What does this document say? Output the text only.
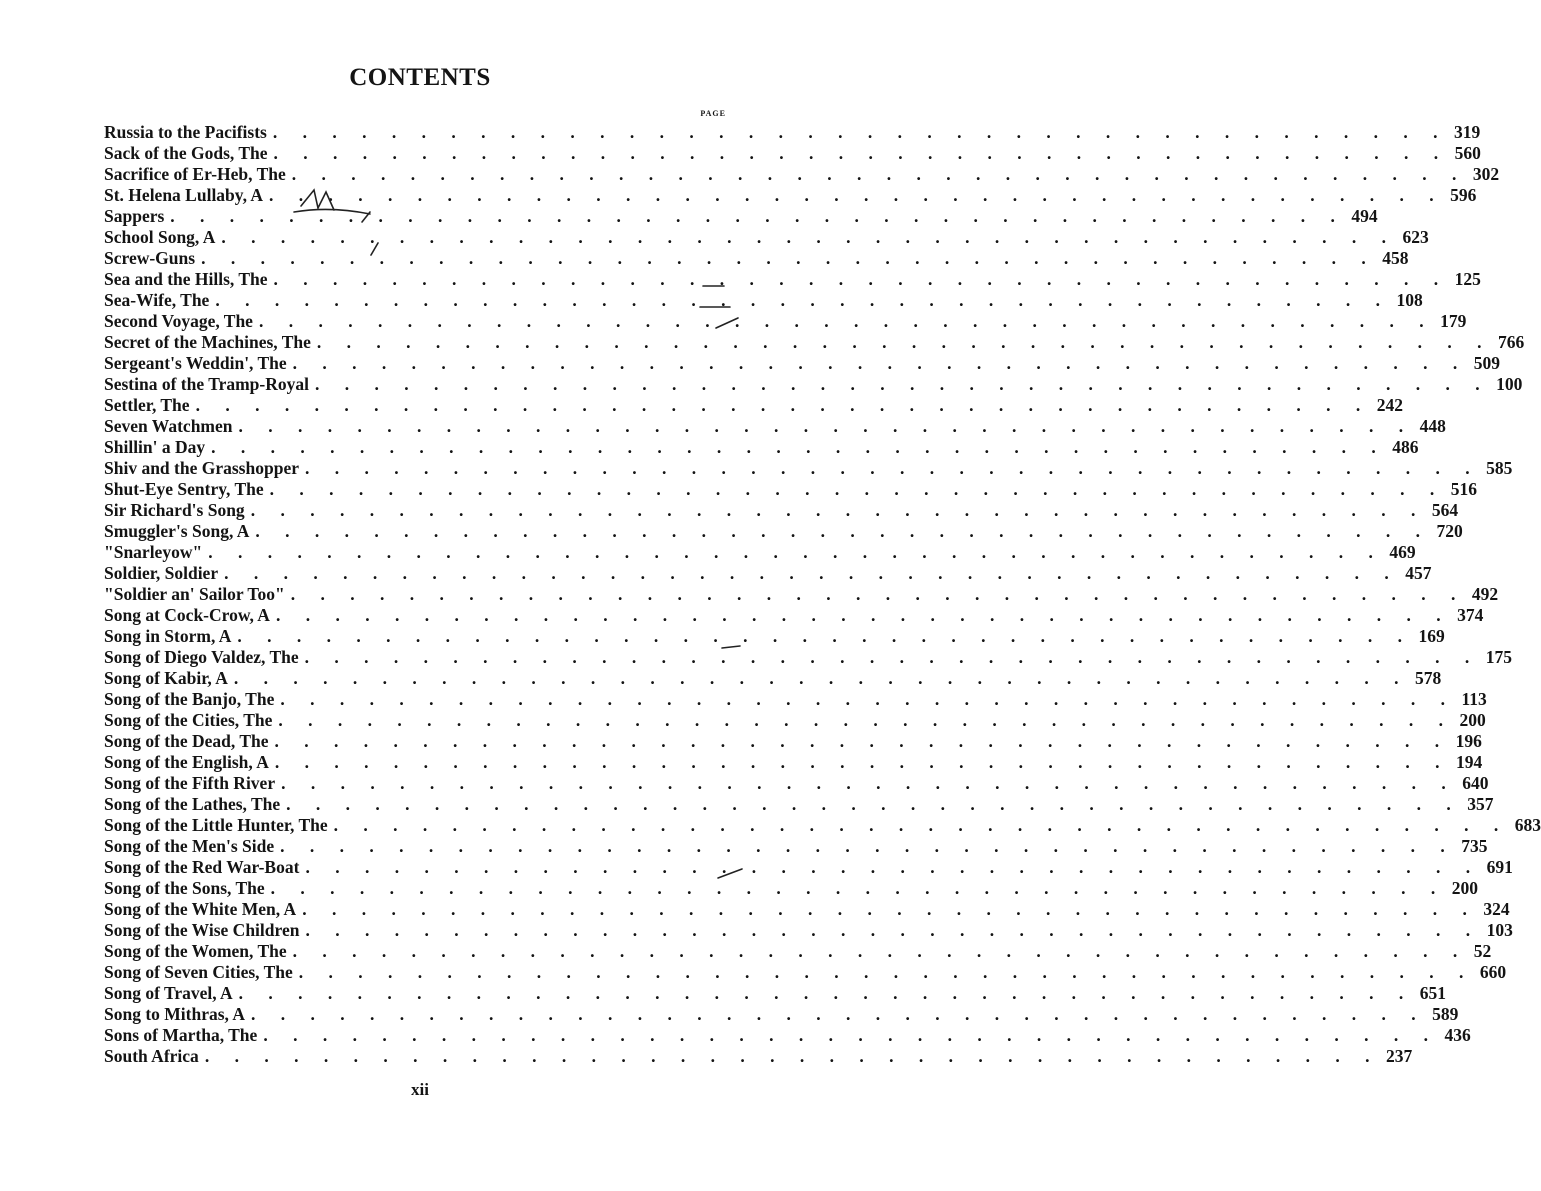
CONTENTS
PAGE
Russia to the Pacifists . . . . . . . . . . . . . . . . . . . . . . . . . . . . . . . . . . . . . . . . 319
Sack of the Gods, The . . . . . . . . . . . . . . . . . . . . . . . . . . . . . . . . . . . . . . . . 560
Sacrifice of Er-Heb, The . . . . . . . . . . . . . . . . . . . . . . . . . . . . . . . . . . . . . . . . 302
St. Helena Lullaby, A . . . . . . . . . . . . . . . . . . . . . . . . . . . . . . . . . . . . . . . . 596
Sappers . . . . . . . . . . . . . . . . . . . . . . . . . . . . . . . . . . . . . . . . 494
School Song, A . . . . . . . . . . . . . . . . . . . . . . . . . . . . . . . . . . . . . . . . 623
Screw-Guns . . . . . . . . . . . . . . . . . . . . . . . . . . . . . . . . . . . . . . . . 458
Sea and the Hills, The . . . . . . . . . . . . . . . . . . . . . . . . . . . . . . . . . . . . . . . . 125
Sea-Wife, The . . . . . . . . . . . . . . . . . . . . . . . . . . . . . . . . . . . . . . . . 108
Second Voyage, The . . . . . . . . . . . . . . . . . . . . . . . . . . . . . . . . . . . . . . . . 179
Secret of the Machines, The . . . . . . . . . . . . . . . . . . . . . . . . . . . . . . . . . . . . . . . . 766
Sergeant's Weddin', The . . . . . . . . . . . . . . . . . . . . . . . . . . . . . . . . . . . . . . . . 509
Sestina of the Tramp-Royal . . . . . . . . . . . . . . . . . . . . . . . . . . . . . . . . . . . . . . . . 100
Settler, The . . . . . . . . . . . . . . . . . . . . . . . . . . . . . . . . . . . . . . . . 242
Seven Watchmen . . . . . . . . . . . . . . . . . . . . . . . . . . . . . . . . . . . . . . . . 448
Shillin' a Day . . . . . . . . . . . . . . . . . . . . . . . . . . . . . . . . . . . . . . . . 486
Shiv and the Grasshopper . . . . . . . . . . . . . . . . . . . . . . . . . . . . . . . . . . . . . . . . 585
Shut-Eye Sentry, The . . . . . . . . . . . . . . . . . . . . . . . . . . . . . . . . . . . . . . . . 516
Sir Richard's Song . . . . . . . . . . . . . . . . . . . . . . . . . . . . . . . . . . . . . . . . 564
Smuggler's Song, A . . . . . . . . . . . . . . . . . . . . . . . . . . . . . . . . . . . . . . . . 720
"Snarleyow" . . . . . . . . . . . . . . . . . . . . . . . . . . . . . . . . . . . . . . . . 469
Soldier, Soldier . . . . . . . . . . . . . . . . . . . . . . . . . . . . . . . . . . . . . . . . 457
"Soldier an' Sailor Too" . . . . . . . . . . . . . . . . . . . . . . . . . . . . . . . . . . . . . . . . 492
Song at Cock-Crow, A . . . . . . . . . . . . . . . . . . . . . . . . . . . . . . . . . . . . . . . . 374
Song in Storm, A . . . . . . . . . . . . . . . . . . . . . . . . . . . . . . . . . . . . . . . . 169
Song of Diego Valdez, The . . . . . . . . . . . . . . . . . . . . . . . . . . . . . . . . . . . . . . . . 175
Song of Kabir, A . . . . . . . . . . . . . . . . . . . . . . . . . . . . . . . . . . . . . . . . 578
Song of the Banjo, The . . . . . . . . . . . . . . . . . . . . . . . . . . . . . . . . . . . . . . . . 113
Song of the Cities, The . . . . . . . . . . . . . . . . . . . . . . . . . . . . . . . . . . . . . . . . 200
Song of the Dead, The . . . . . . . . . . . . . . . . . . . . . . . . . . . . . . . . . . . . . . . . 196
Song of the English, A . . . . . . . . . . . . . . . . . . . . . . . . . . . . . . . . . . . . . . . . 194
Song of the Fifth River . . . . . . . . . . . . . . . . . . . . . . . . . . . . . . . . . . . . . . . . 640
Song of the Lathes, The . . . . . . . . . . . . . . . . . . . . . . . . . . . . . . . . . . . . . . . . 357
Song of the Little Hunter, The . . . . . . . . . . . . . . . . . . . . . . . . . . . . . . . . . . . . . . . . 683
Song of the Men's Side . . . . . . . . . . . . . . . . . . . . . . . . . . . . . . . . . . . . . . . . 735
Song of the Red War-Boat . . . . . . . . . . . . . . . . . . . . . . . . . . . . . . . . . . . . . . . . 691
Song of the Sons, The . . . . . . . . . . . . . . . . . . . . . . . . . . . . . . . . . . . . . . . . 200
Song of the White Men, A . . . . . . . . . . . . . . . . . . . . . . . . . . . . . . . . . . . . . . . . 324
Song of the Wise Children . . . . . . . . . . . . . . . . . . . . . . . . . . . . . . . . . . . . . . . . 103
Song of the Women, The . . . . . . . . . . . . . . . . . . . . . . . . . . . . . . . . . . . . . . . . 52
Song of Seven Cities, The . . . . . . . . . . . . . . . . . . . . . . . . . . . . . . . . . . . . . . . . 660
Song of Travel, A . . . . . . . . . . . . . . . . . . . . . . . . . . . . . . . . . . . . . . . . 651
Song to Mithras, A . . . . . . . . . . . . . . . . . . . . . . . . . . . . . . . . . . . . . . . . 589
Sons of Martha, The . . . . . . . . . . . . . . . . . . . . . . . . . . . . . . . . . . . . . . . . 436
South Africa . . . . . . . . . . . . . . . . . . . . . . . . . . . . . . . . . . . . . . . . 237
xii
